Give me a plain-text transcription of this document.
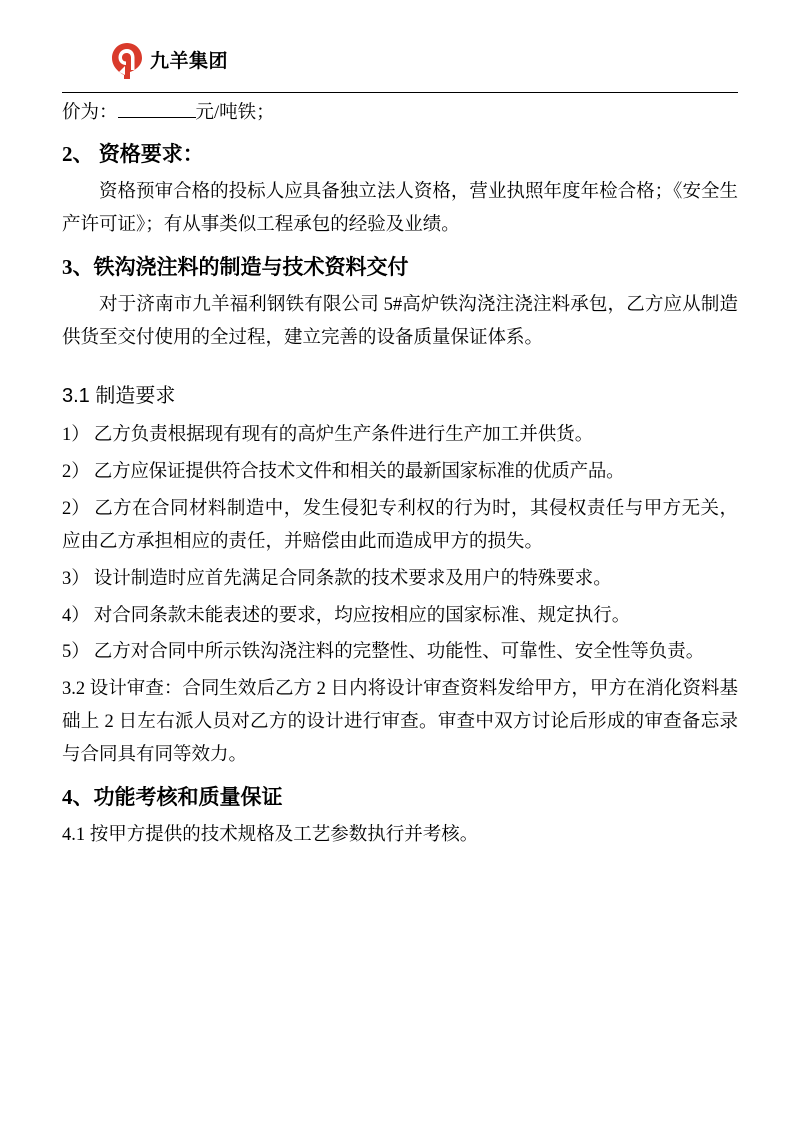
九羊集团

价为：	元/吨铁；

2、 资格要求：

资格预审合格的投标人应具备独立法人资格，营业执照年度年检合格；《安全生产许可证》；有从事类似工程承包的经验及业绩。

3、铁沟浇注料的制造与技术资料交付

对于济南市九羊福利钢铁有限公司 5#高炉铁沟浇注浇注料承包，乙方应从制造供货至交付使用的全过程，建立完善的设备质量保证体系。

3.1 制造要求
1） 乙方负责根据现有现有的高炉生产条件进行生产加工并供货。
2） 乙方应保证提供符合技术文件和相关的最新国家标准的优质产品。
2） 乙方在合同材料制造中，发生侵犯专利权的行为时，其侵权责任与甲方无关，应由乙方承担相应的责任，并赔偿由此而造成甲方的损失。
3） 设计制造时应首先满足合同条款的技术要求及用户的特殊要求。
4） 对合同条款未能表述的要求，均应按相应的国家标准、规定执行。
5） 乙方对合同中所示铁沟浇注料的完整性、功能性、可靠性、安全性等负责。

3.2 设计审查：合同生效后乙方 2 日内将设计审查资料发给甲方，甲方在消化资料基础上 2 日左右派人员对乙方的设计进行审查。审查中双方讨论后形成的审查备忘录与合同具有同等效力。

4、功能考核和质量保证

4.1 按甲方提供的技术规格及工艺参数执行并考核。
